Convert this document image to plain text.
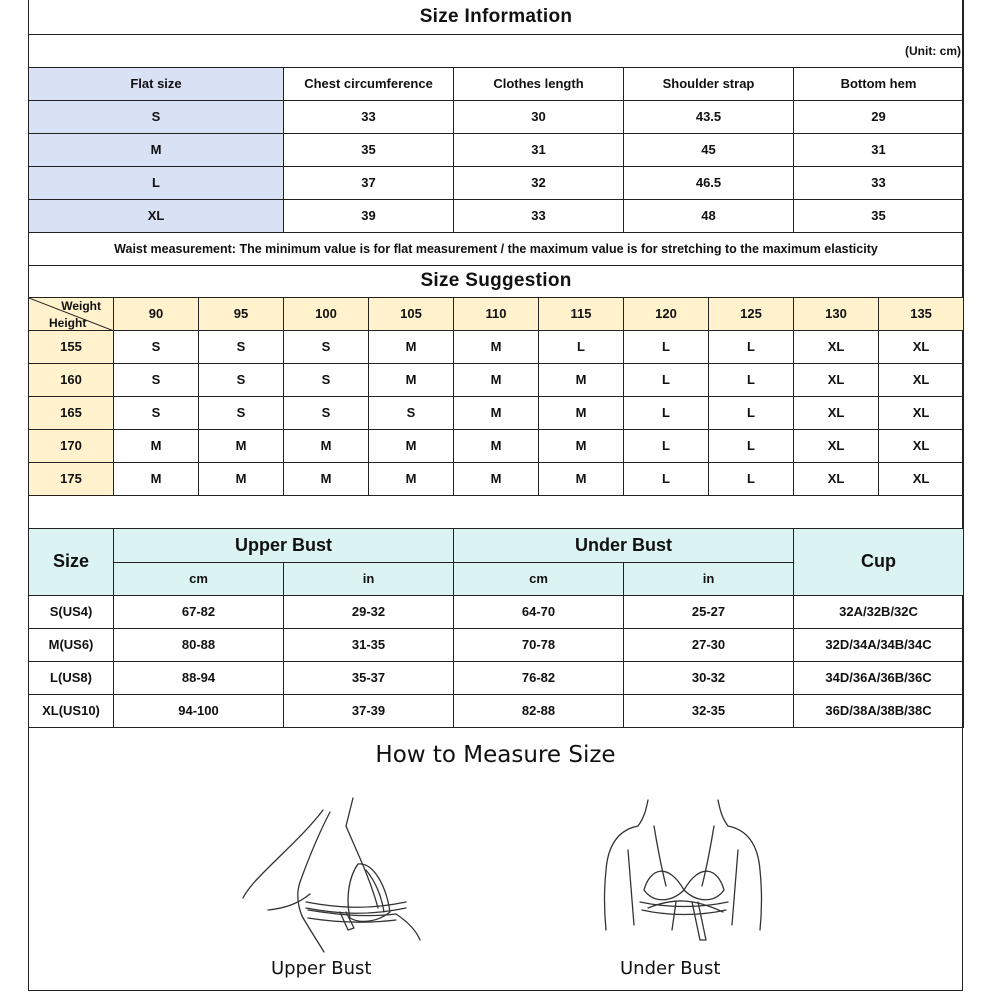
Size Information				
(Unit: cm)				
Flat size	Chest circumference	Clothes length	Shoulder strap	Bottom hem
S	33	30	43.5	29
M	35	31	45	31
L	37	32	46.5	33
XL	39	33	48	35
Waist measurement: The minimum value is for flat measurement / the maximum value is for stretching to the maximum elasticity				
Size Suggestion										

Weight
Height	90	95	100	105	110	115	120	125	130	135
155	S	S	S	M	M	L	L	L	XL	XL
160	S	S	S	M	M	M	L	L	XL	XL
165	S	S	S	S	M	M	L	L	XL	XL
170	M	M	M	M	M	M	L	L	XL	XL
175	M	M	M	M	M	M	L	L	XL	XL

Size	Upper Bust		Under Bust		Cup
	cm	in	cm	in	
S(US4)	67-82	29-32	64-70	25-27	32A/32B/32C
M(US6)	80-88	31-35	70-78	27-30	32D/34A/34B/34C
L(US8)	88-94	35-37	76-82	30-32	34D/36A/36B/36C
XL(US10)	94-100	37-39	82-88	32-35	36D/38A/38B/38C
How to Measure Size
Upper Bust	Under Bust
